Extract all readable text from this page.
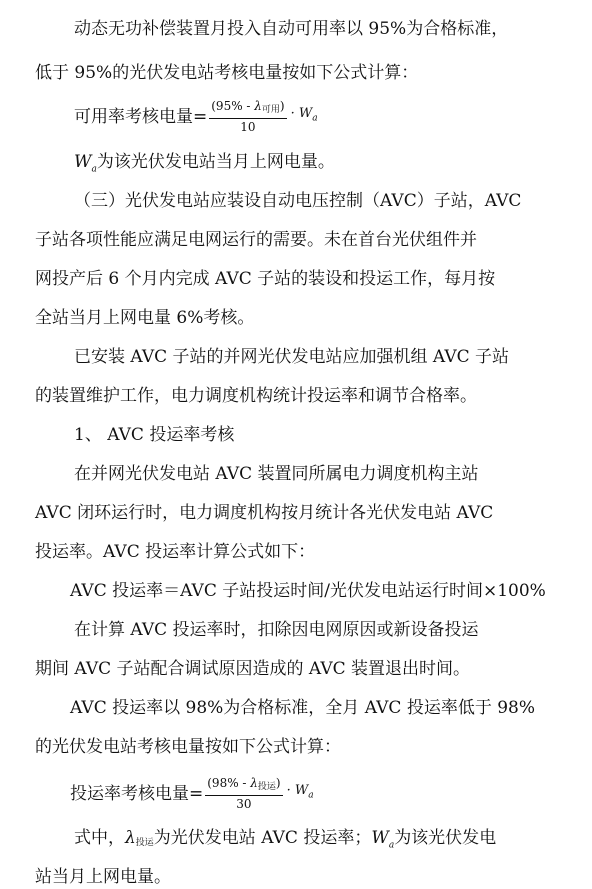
动态无功补偿装置月投入自动可用率以 95%为合格标准，
低于 95%的光伏发电站考核电量按如下公式计算：
可用率考核电量= $\frac{(95\% - \lambda_{可用})}{10} \cdot W_a$
$W_a$为该光伏发电站当月上网电量。
（三）光伏发电站应装设自动电压控制（AVC）子站，AVC
子站各项性能应满足电网运行的需要。未在首台光伏组件并
网投产后 6 个月内完成 AVC 子站的装设和投运工作，每月按
全站当月上网电量 6%考核。
已安装 AVC 子站的并网光伏发电站应加强机组 AVC 子站
的装置维护工作，电力调度机构统计投运率和调节合格率。
1、 AVC 投运率考核
在并网光伏发电站 AVC 装置同所属电力调度机构主站
AVC 闭环运行时，电力调度机构按月统计各光伏发电站 AVC
投运率。AVC 投运率计算公式如下：
AVC 投运率＝AVC 子站投运时间/光伏发电站运行时间×100%
在计算 AVC 投运率时，扣除因电网原因或新设备投运
期间 AVC 子站配合调试原因造成的 AVC 装置退出时间。
AVC 投运率以 98%为合格标准，全月 AVC 投运率低于 98%
的光伏发电站考核电量按如下公式计算：
投运率考核电量= $\frac{(98\% - \lambda_{投运})}{30} \cdot W_a$
式中，$\lambda_{投运}$为光伏发电站 AVC 投运率；$W_a$为该光伏发电
站当月上网电量。
